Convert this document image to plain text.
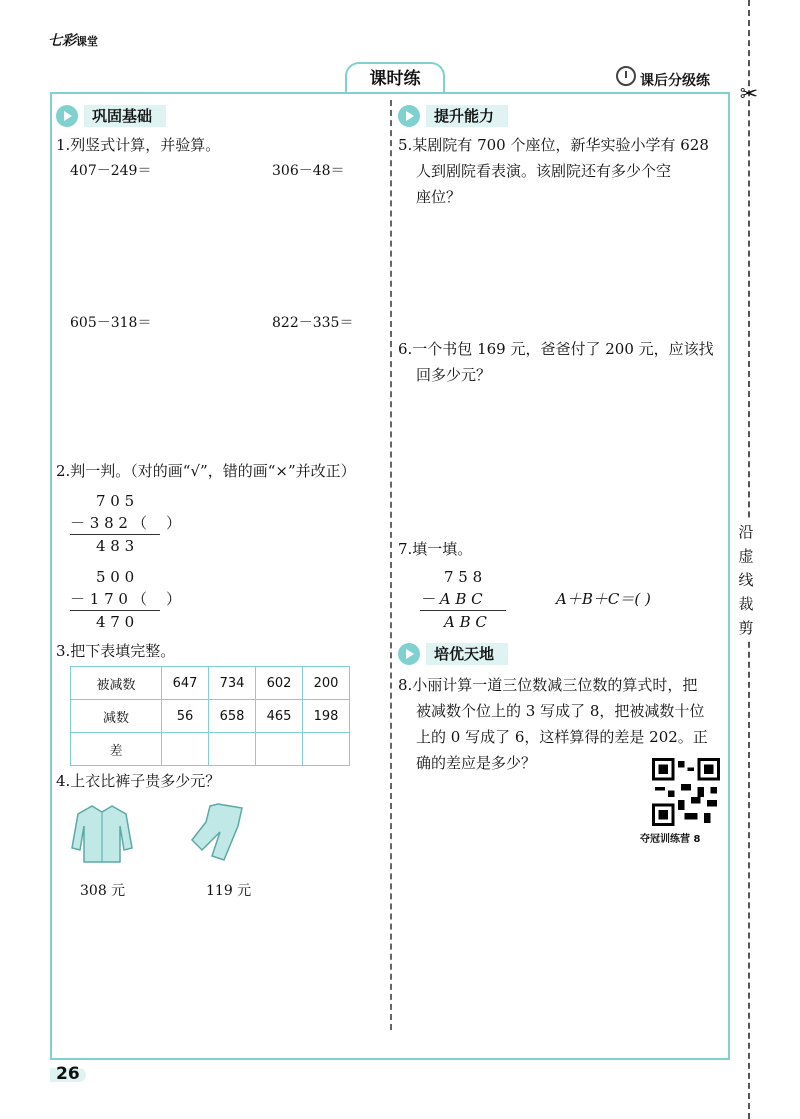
七彩课堂
课时练	课后分级练
✂
沿
虚
线
裁
剪
巩固基础
1.列竖式计算，并验算。
407－249＝	306－48＝
605－318＝	822－335＝
2.判一判。（对的画“√”，错的画“×”并改正）
7 0 5
－ 3 8 2 （    ）
4 8 3
5 0 0
－ 1 7 0 （    ）
4 7 0
3.把下表填完整。
被减数	647	734	602	200
减数	56	658	465	198
差				
4.上衣比裤子贵多少元？
308 元	119 元
提升能力
5.某剧院有 700 个座位，新华实验小学有 628
人到剧院看表演。该剧院还有多少个空
座位？
6.一个书包 169 元，爸爸付了 200 元，应该找
回多少元？
7.填一填。
7 5 8
－ A B C
A B C
A＋B＋C＝( )
培优天地
8.小丽计算一道三位数减三位数的算式时，把
被减数个位上的 3 写成了 8，把被减数十位
上的 0 写成了 6，这样算得的差是 202。正
确的差应是多少？
夺冠训练营 8
26
